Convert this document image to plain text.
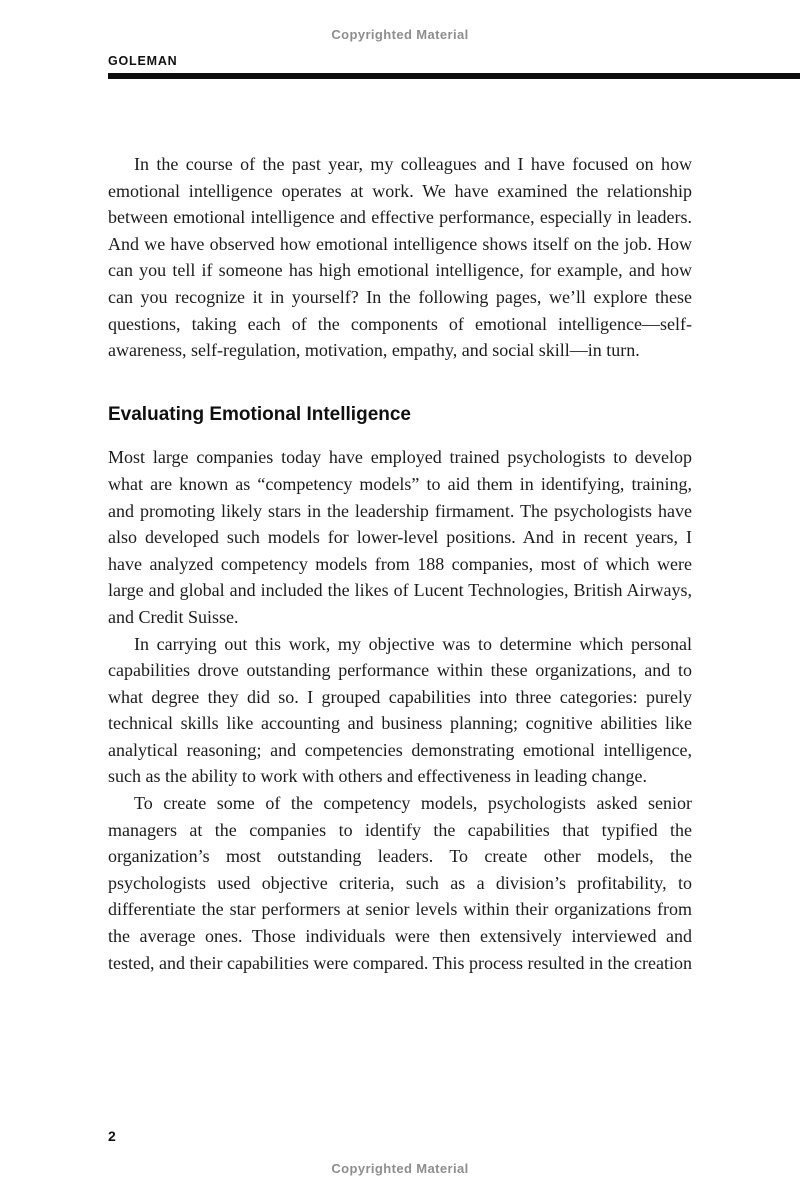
Copyrighted Material
GOLEMAN

In the course of the past year, my colleagues and I have focused on how emotional intelligence operates at work. We have examined the relationship between emotional intelligence and effective performance, especially in leaders. And we have observed how emotional intelligence shows itself on the job. How can you tell if someone has high emotional intelligence, for example, and how can you recognize it in yourself? In the following pages, we’ll explore these questions, taking each of the components of emotional intelligence—self-awareness, self-regulation, motivation, empathy, and social skill—in turn.

Evaluating Emotional Intelligence

Most large companies today have employed trained psychologists to develop what are known as “competency models” to aid them in identifying, training, and promoting likely stars in the leadership firmament. The psychologists have also developed such models for lower-level positions. And in recent years, I have analyzed competency models from 188 companies, most of which were large and global and included the likes of Lucent Technologies, British Airways, and Credit Suisse.

In carrying out this work, my objective was to determine which personal capabilities drove outstanding performance within these organizations, and to what degree they did so. I grouped capabilities into three categories: purely technical skills like accounting and business planning; cognitive abilities like analytical reasoning; and competencies demonstrating emotional intelligence, such as the ability to work with others and effectiveness in leading change.

To create some of the competency models, psychologists asked senior managers at the companies to identify the capabilities that typified the organization’s most outstanding leaders. To create other models, the psychologists used objective criteria, such as a division’s profitability, to differentiate the star performers at senior levels within their organizations from the average ones. Those individuals were then extensively interviewed and tested, and their capabilities were compared. This process resulted in the creation

2
Copyrighted Material
